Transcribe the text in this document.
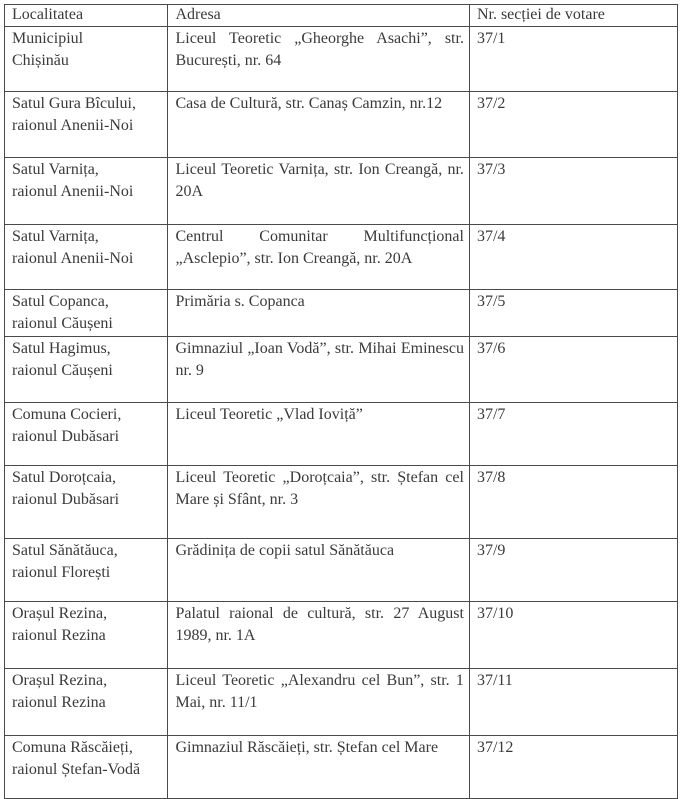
Localitatea	Adresa	Nr. secției de votare

Municipiul
Chișinău	Liceul Teoretic „Gheorghe Asachi”, str. București, nr. 64	37/1

Satul Gura Bîcului,
raionul Anenii-Noi	Casa de Cultură, str. Canaș Camzin, nr.12	37/2

Satul Varnița,
raionul Anenii-Noi	Liceul Teoretic Varnița, str. Ion Creangă, nr. 20A	37/3

Satul Varnița,
raionul Anenii-Noi	Centrul Comunitar Multifuncțional „Asclepio”, str. Ion Creangă, nr. 20A	37/4

Satul Copanca,
raionul Căușeni	Primăria s. Copanca	37/5

Satul Hagimus,
raionul Căușeni	Gimnaziul „Ioan Vodă”, str. Mihai Eminescu nr. 9	37/6

Comuna Cocieri,
raionul Dubăsari	Liceul Teoretic „Vlad Ioviță”	37/7

Satul Doroțcaia,
raionul Dubăsari	Liceul Teoretic „Doroțcaia”, str. Ștefan cel Mare și Sfânt, nr. 3	37/8

Satul Sănătăuca,
raionul Florești	Grădinița de copii satul Sănătăuca	37/9

Orașul Rezina,
raionul Rezina	Palatul raional de cultură, str. 27 August 1989, nr. 1A	37/10

Orașul Rezina,
raionul Rezina	Liceul Teoretic „Alexandru cel Bun”, str. 1 Mai, nr. 11/1	37/11

Comuna Răscăieți,
raionul Ștefan-Vodă	Gimnaziul Răscăieți, str. Ștefan cel Mare	37/12
